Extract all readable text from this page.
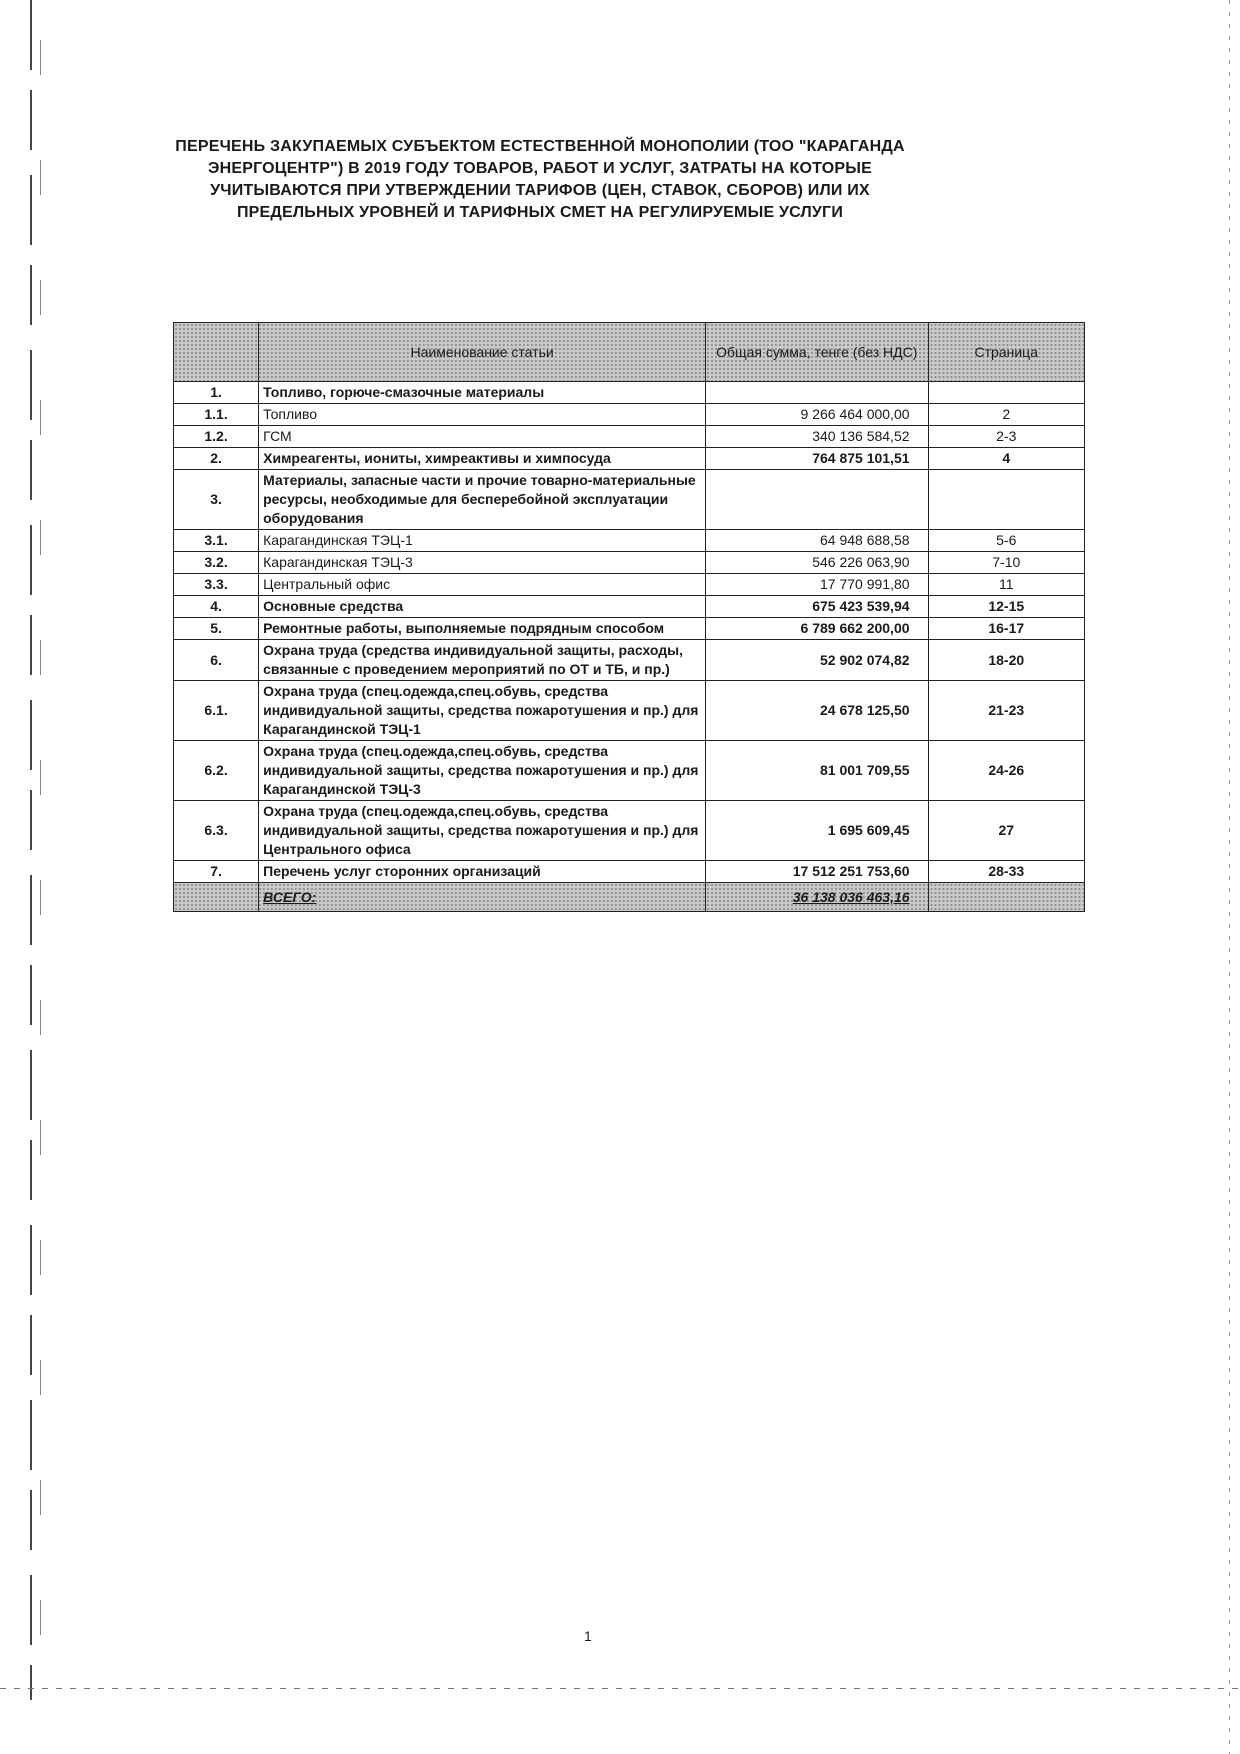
ПЕРЕЧЕНЬ ЗАКУПАЕМЫХ СУБЪЕКТОМ ЕСТЕСТВЕННОЙ МОНОПОЛИИ (ТОО "КАРАГАНДА ЭНЕРГОЦЕНТР") В 2019 ГОДУ ТОВАРОВ, РАБОТ И УСЛУГ, ЗАТРАТЫ НА КОТОРЫЕ УЧИТЫВАЮТСЯ ПРИ УТВЕРЖДЕНИИ ТАРИФОВ (ЦЕН, СТАВОК, СБОРОВ) ИЛИ ИХ ПРЕДЕЛЬНЫХ УРОВНЕЙ И ТАРИФНЫХ СМЕТ НА РЕГУЛИРУЕМЫЕ УСЛУГИ
	Наименование статьи	Общая сумма, тенге (без НДС)	Страница
1.	Топливо, горюче-смазочные материалы		
1.1.	Топливо	9 266 464 000,00	2
1.2.	ГСМ	340 136 584,52	2-3
2.	Химреагенты, иониты, химреактивы и химпосуда	764 875 101,51	4
3.	Материалы, запасные части и прочие товарно-материальные ресурсы, необходимые для бесперебойной эксплуатации оборудования		
3.1.	Карагандинская ТЭЦ-1	64 948 688,58	5-6
3.2.	Карагандинская ТЭЦ-3	546 226 063,90	7-10
3.3.	Центральный офис	17 770 991,80	11
4.	Основные средства	675 423 539,94	12-15
5.	Ремонтные работы, выполняемые подрядным способом	6 789 662 200,00	16-17
6.	Охрана труда (средства индивидуальной защиты, расходы, связанные с проведением мероприятий по ОТ и ТБ, и пр.)	52 902 074,82	18-20
6.1.	Охрана труда (спец.одежда,спец.обувь, средства индивидуальной защиты, средства пожаротушения и пр.) для Карагандинской ТЭЦ-1	24 678 125,50	21-23
6.2.	Охрана труда (спец.одежда,спец.обувь, средства индивидуальной защиты, средства пожаротушения и пр.) для Карагандинской ТЭЦ-3	81 001 709,55	24-26
6.3.	Охрана труда (спец.одежда,спец.обувь, средства индивидуальной защиты, средства пожаротушения и пр.) для Центрального офиса	1 695 609,45	27
7.	Перечень услуг сторонних организаций	17 512 251 753,60	28-33
	ВСЕГО:	36 138 036 463,16	
1
